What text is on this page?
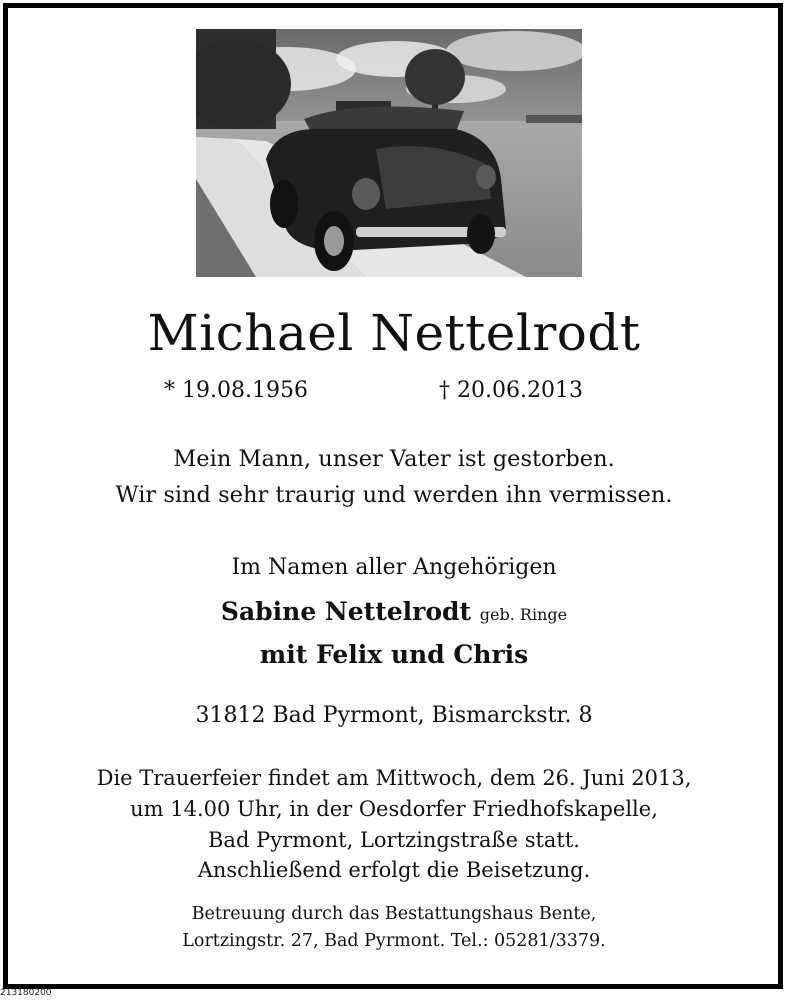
Michael Nettelrodt
* 19.08.1956	† 20.06.2013
Mein Mann, unser Vater ist gestorben.
Wir sind sehr traurig und werden ihn vermissen.
Im Namen aller Angehörigen
Sabine Nettelrodt geb. Ringe
mit Felix und Chris
31812 Bad Pyrmont, Bismarckstr. 8
Die Trauerfeier findet am Mittwoch, dem 26. Juni 2013,
um 14.00 Uhr, in der Oesdorfer Friedhofskapelle,
Bad Pyrmont, Lortzingstraße statt.
Anschließend erfolgt die Beisetzung.
Betreuung durch das Bestattungshaus Bente,
Lortzingstr. 27, Bad Pyrmont. Tel.: 05281/3379.
213180200
